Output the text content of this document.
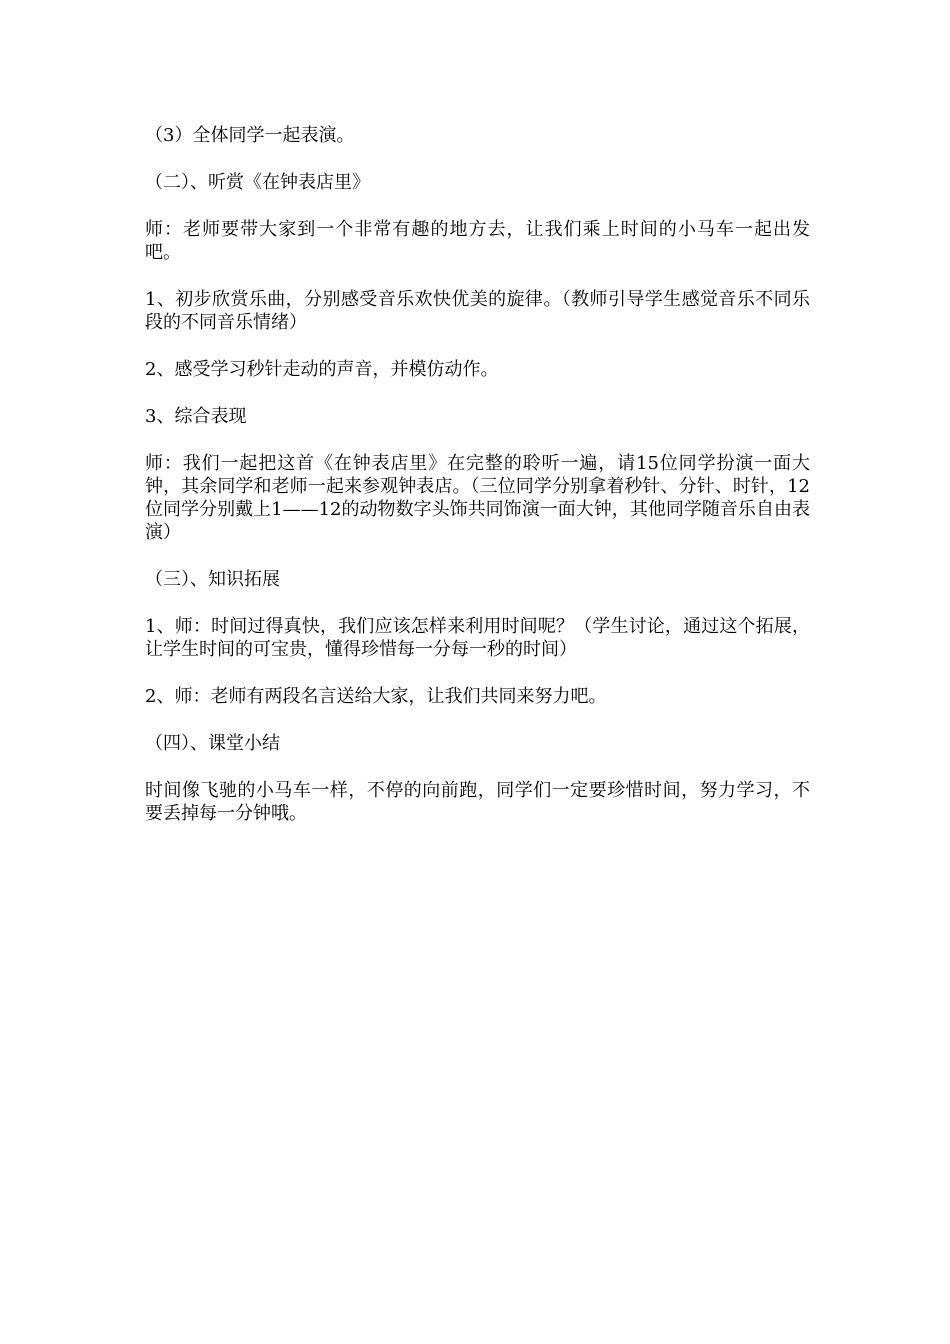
（3）全体同学一起表演。

（二）、听赏《在钟表店里》

师：老师要带大家到一个非常有趣的地方去，让我们乘上时间的小马车一起出发吧。

1、初步欣赏乐曲，分别感受音乐欢快优美的旋律。（教师引导学生感觉音乐不同乐段的不同音乐情绪）

2、感受学习秒针走动的声音，并模仿动作。

3、综合表现

师：我们一起把这首《在钟表店里》在完整的聆听一遍，请15位同学扮演一面大钟，其余同学和老师一起来参观钟表店。（三位同学分别拿着秒针、分针、时针，12位同学分别戴上1——12的动物数字头饰共同饰演一面大钟，其他同学随音乐自由表演）

（三）、知识拓展

1、师：时间过得真快，我们应该怎样来利用时间呢？（学生讨论，通过这个拓展，让学生时间的可宝贵，懂得珍惜每一分每一秒的时间）

2、师：老师有两段名言送给大家，让我们共同来努力吧。

（四）、课堂小结

时间像飞驰的小马车一样，不停的向前跑，同学们一定要珍惜时间，努力学习，不要丢掉每一分钟哦。
